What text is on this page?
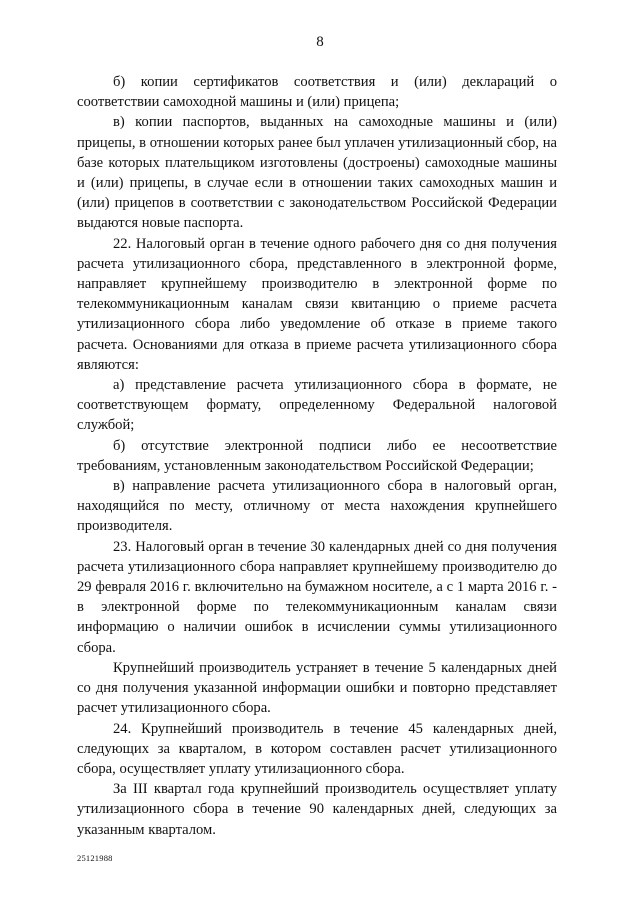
8

б) копии сертификатов соответствия и (или) деклараций о соответствии самоходной машины и (или) прицепа;

в) копии паспортов, выданных на самоходные машины и (или) прицепы, в отношении которых ранее был уплачен утилизационный сбор, на базе которых плательщиком изготовлены (достроены) самоходные машины и (или) прицепы, в случае если в отношении таких самоходных машин и (или) прицепов в соответствии с законодательством Российской Федерации выдаются новые паспорта.

22. Налоговый орган в течение одного рабочего дня со дня получения расчета утилизационного сбора, представленного в электронной форме, направляет крупнейшему производителю в электронной форме по телекоммуникационным каналам связи квитанцию о приеме расчета утилизационного сбора либо уведомление об отказе в приеме такого расчета. Основаниями для отказа в приеме расчета утилизационного сбора являются:

а) представление расчета утилизационного сбора в формате, не соответствующем формату, определенному Федеральной налоговой службой;

б) отсутствие электронной подписи либо ее несоответствие требованиям, установленным законодательством Российской Федерации;

в) направление расчета утилизационного сбора в налоговый орган, находящийся по месту, отличному от места нахождения крупнейшего производителя.

23. Налоговый орган в течение 30 календарных дней со дня получения расчета утилизационного сбора направляет крупнейшему производителю до 29 февраля 2016 г. включительно на бумажном носителе, а с 1 марта 2016 г. - в электронной форме по телекоммуникационным каналам связи информацию о наличии ошибок в исчислении суммы утилизационного сбора.

Крупнейший производитель устраняет в течение 5 календарных дней со дня получения указанной информации ошибки и повторно представляет расчет утилизационного сбора.

24. Крупнейший производитель в течение 45 календарных дней, следующих за кварталом, в котором составлен расчет утилизационного сбора, осуществляет уплату утилизационного сбора.

За III квартал года крупнейший производитель осуществляет уплату утилизационного сбора в течение 90 календарных дней, следующих за указанным кварталом.

25121988
